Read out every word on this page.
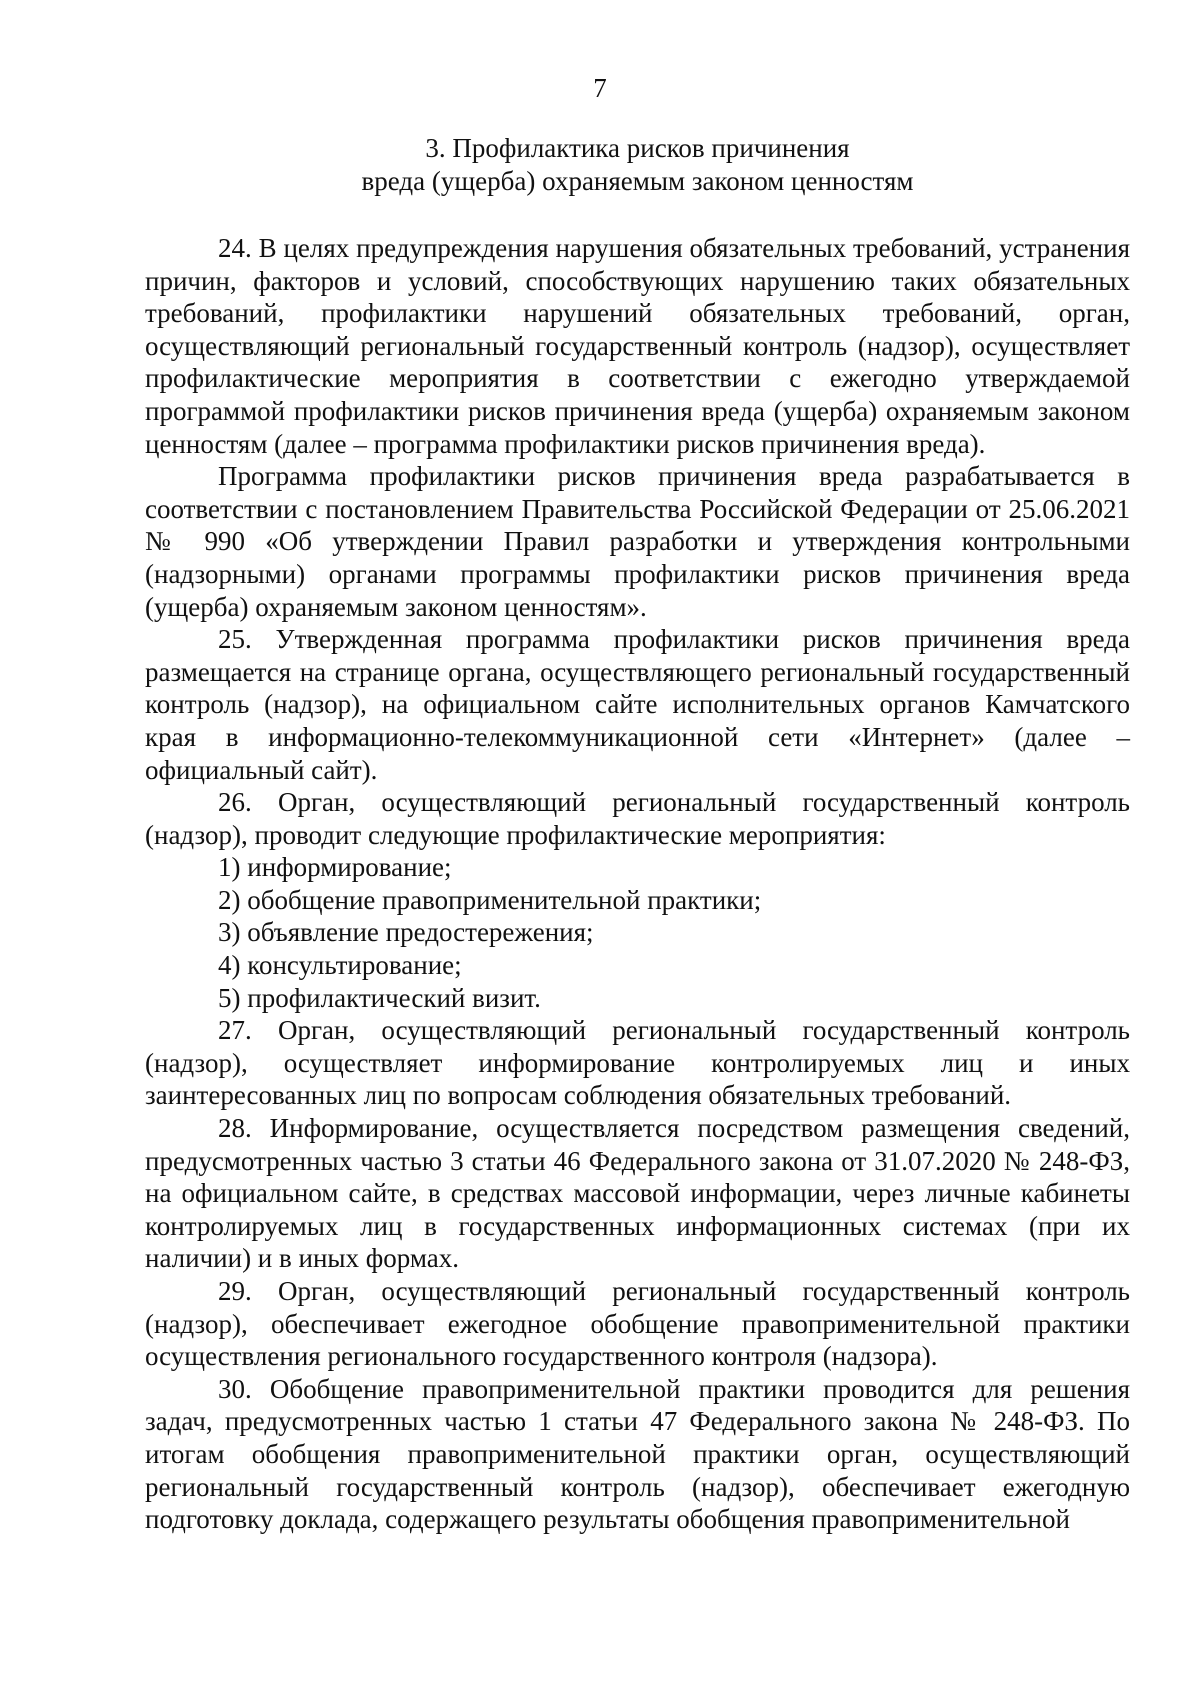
7

3. Профилактика рисков причинения
вреда (ущерба) охраняемым законом ценностям

24. В целях предупреждения нарушения обязательных требований, устранения причин, факторов и условий, способствующих нарушению таких обязательных требований, профилактики нарушений обязательных требований, орган, осуществляющий региональный государственный контроль (надзор), осуществляет профилактические мероприятия в соответствии с ежегодно утверждаемой программой профилактики рисков причинения вреда (ущерба) охраняемым законом ценностям (далее – программа профилактики рисков причинения вреда).

Программа профилактики рисков причинения вреда разрабатывается в соответствии с постановлением Правительства Российской Федерации от 25.06.2021 № 990 «Об утверждении Правил разработки и утверждения контрольными (надзорными) органами программы профилактики рисков причинения вреда (ущерба) охраняемым законом ценностям».

25. Утвержденная программа профилактики рисков причинения вреда размещается на странице органа, осуществляющего региональный государственный контроль (надзор), на официальном сайте исполнительных органов Камчатского края в информационно-телекоммуникационной сети «Интернет» (далее – официальный сайт).

26. Орган, осуществляющий региональный государственный контроль (надзор), проводит следующие профилактические мероприятия:

1) информирование;

2) обобщение правоприменительной практики;

3) объявление предостережения;

4) консультирование;

5) профилактический визит.

27. Орган, осуществляющий региональный государственный контроль (надзор), осуществляет информирование контролируемых лиц и иных заинтересованных лиц по вопросам соблюдения обязательных требований.

28. Информирование, осуществляется посредством размещения сведений, предусмотренных частью 3 статьи 46 Федерального закона от 31.07.2020 № 248-ФЗ, на официальном сайте, в средствах массовой информации, через личные кабинеты контролируемых лиц в государственных информационных системах (при их наличии) и в иных формах.

29. Орган, осуществляющий региональный государственный контроль (надзор), обеспечивает ежегодное обобщение правоприменительной практики осуществления регионального государственного контроля (надзора).

30. Обобщение правоприменительной практики проводится для решения задач, предусмотренных частью 1 статьи 47 Федерального закона № 248-ФЗ. По итогам обобщения правоприменительной практики орган, осуществляющий региональный государственный контроль (надзор), обеспечивает ежегодную подготовку доклада, содержащего результаты обобщения правоприменительной
